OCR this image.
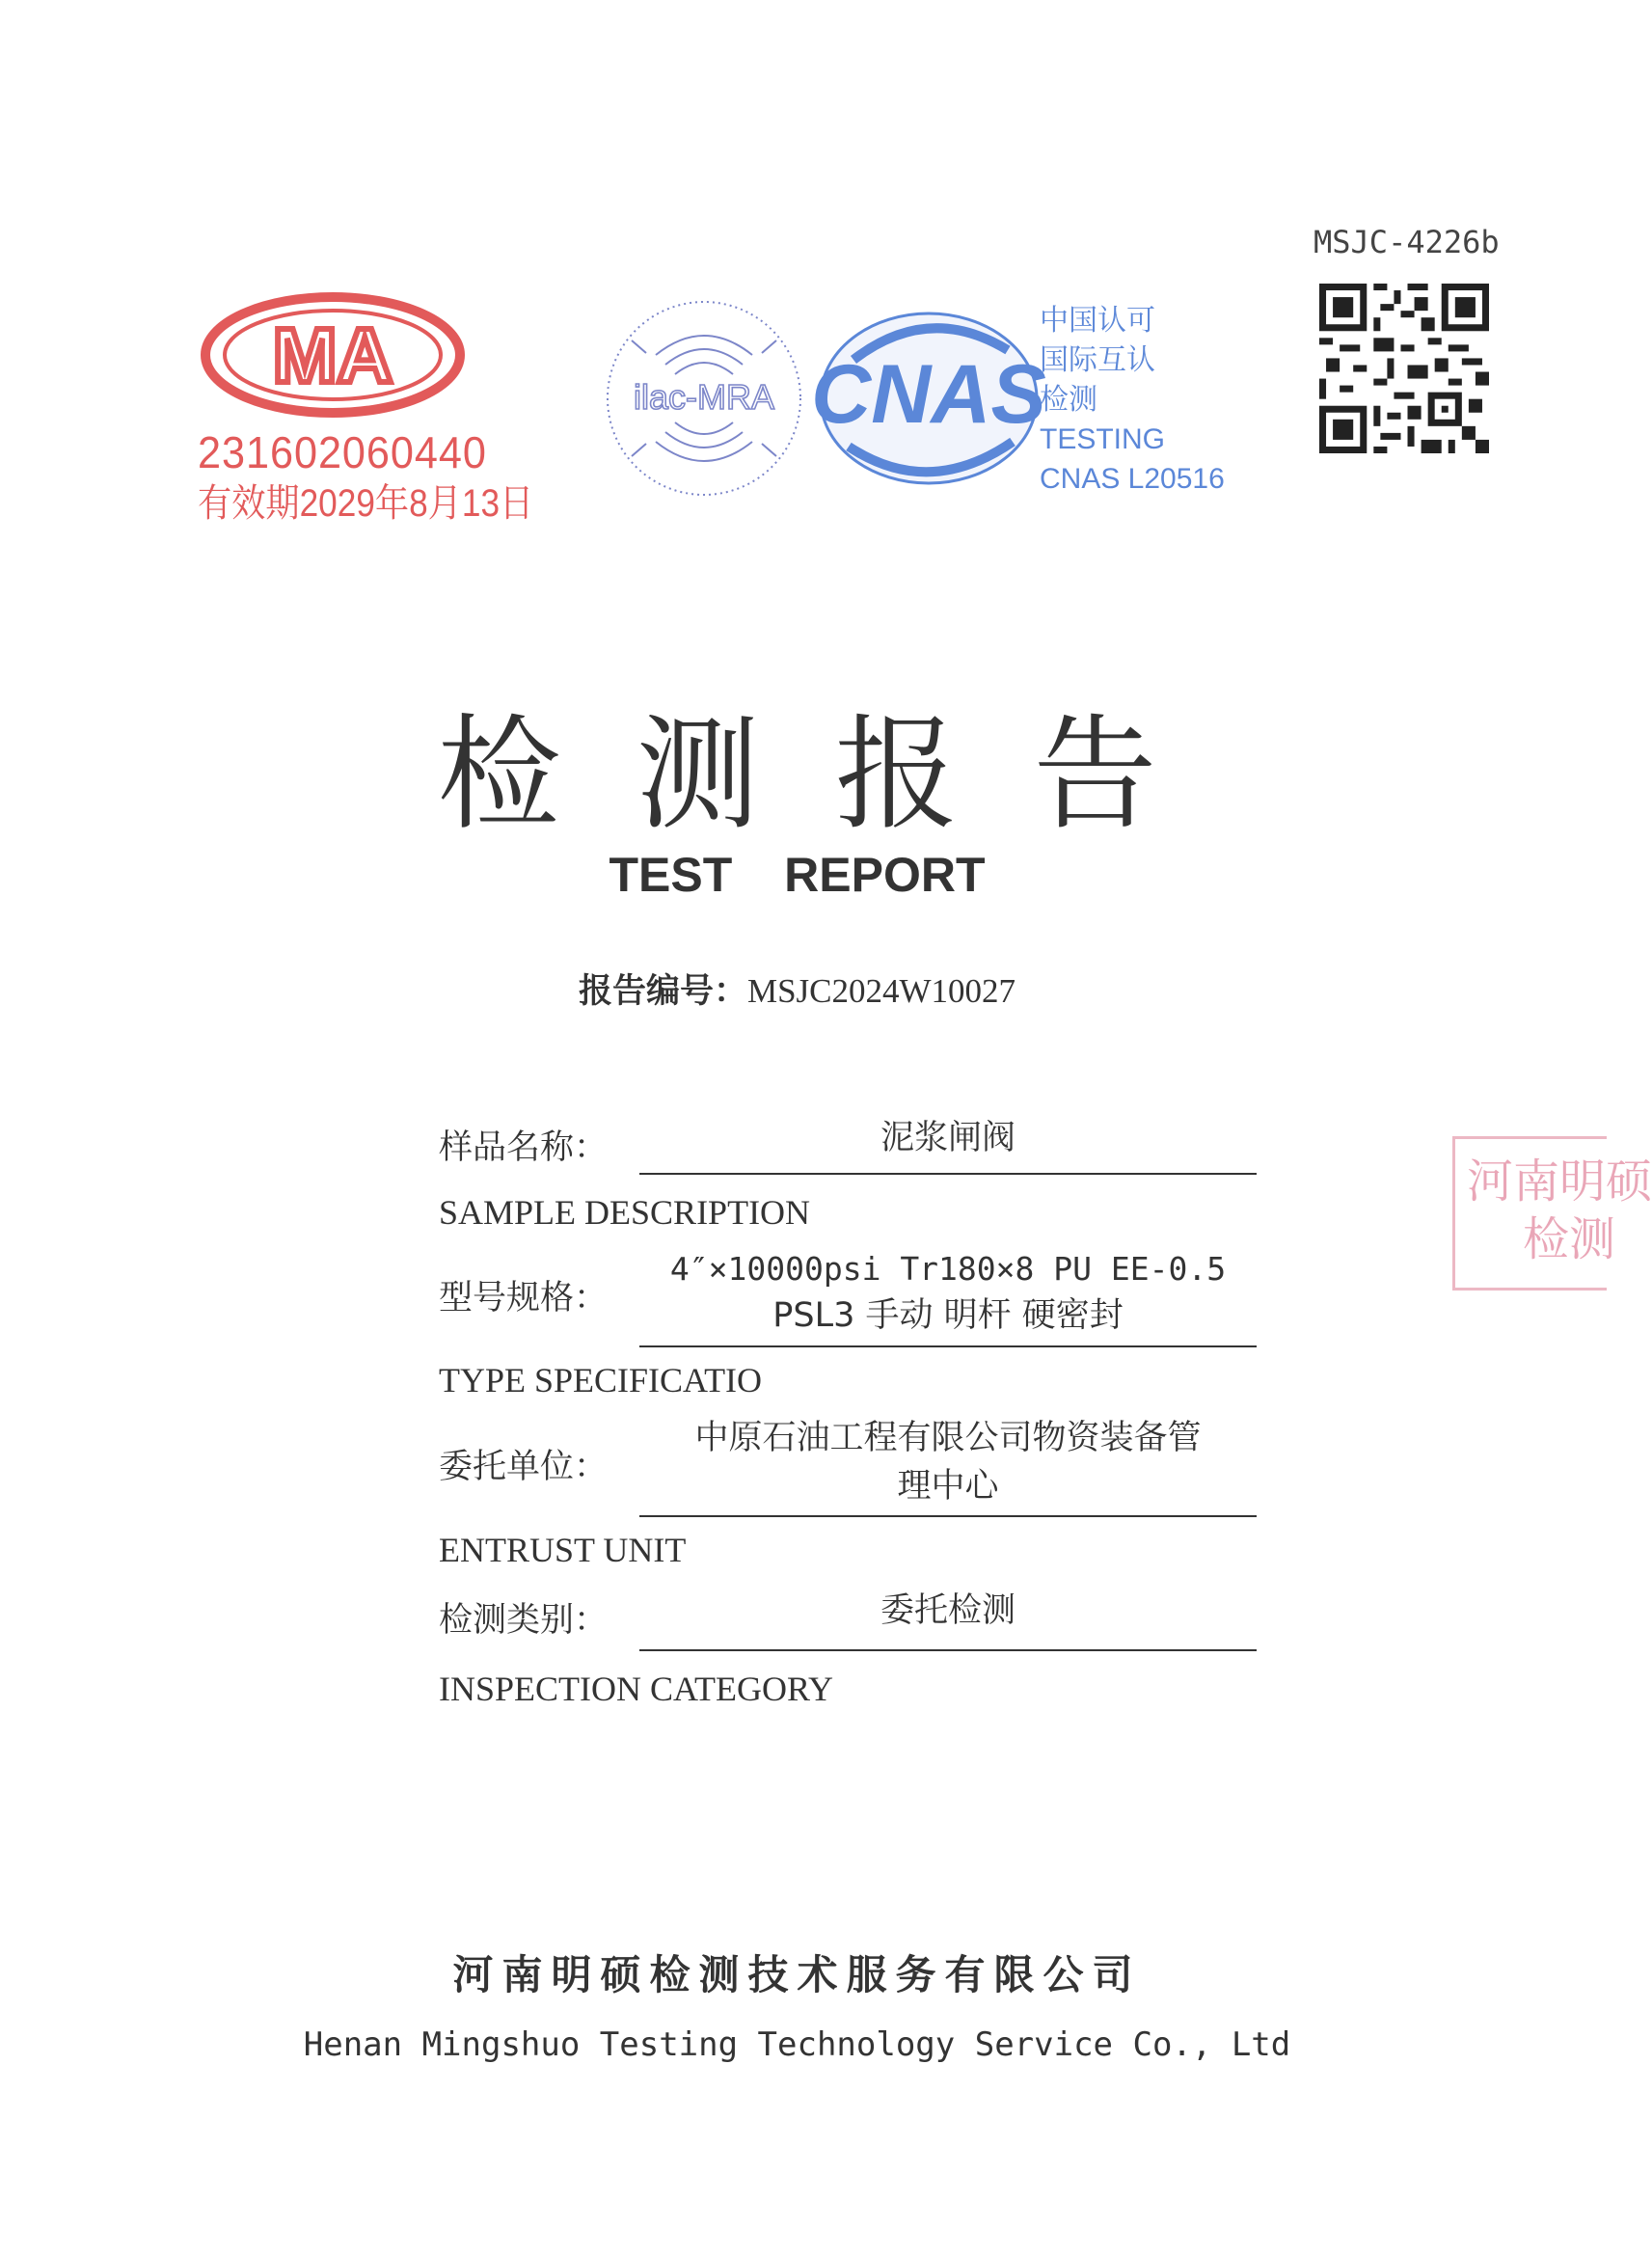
MSJC-4226b
MA
231602060440
有效期2029年8月13日
ilac-MRA CNAS
中国认可
国际互认
检测
TESTING
CNAS L20516
检测报告
TEST REPORT
报告编号：MSJC2024W10027
样品名称：	泥浆闸阀
SAMPLE DESCRIPTION
型号规格：
4″×10000psi Tr180×8 PU EE-0.5
PSL3 手动 明杆 硬密封
TYPE SPECIFICATIO
委托单位：
中原石油工程有限公司物资装备管
理中心
ENTRUST UNIT
检测类别：	委托检测
INSPECTION CATEGORY
河南明硕
检测
河南明硕检测技术服务有限公司
Henan Mingshuo Testing Technology Service Co., Ltd
